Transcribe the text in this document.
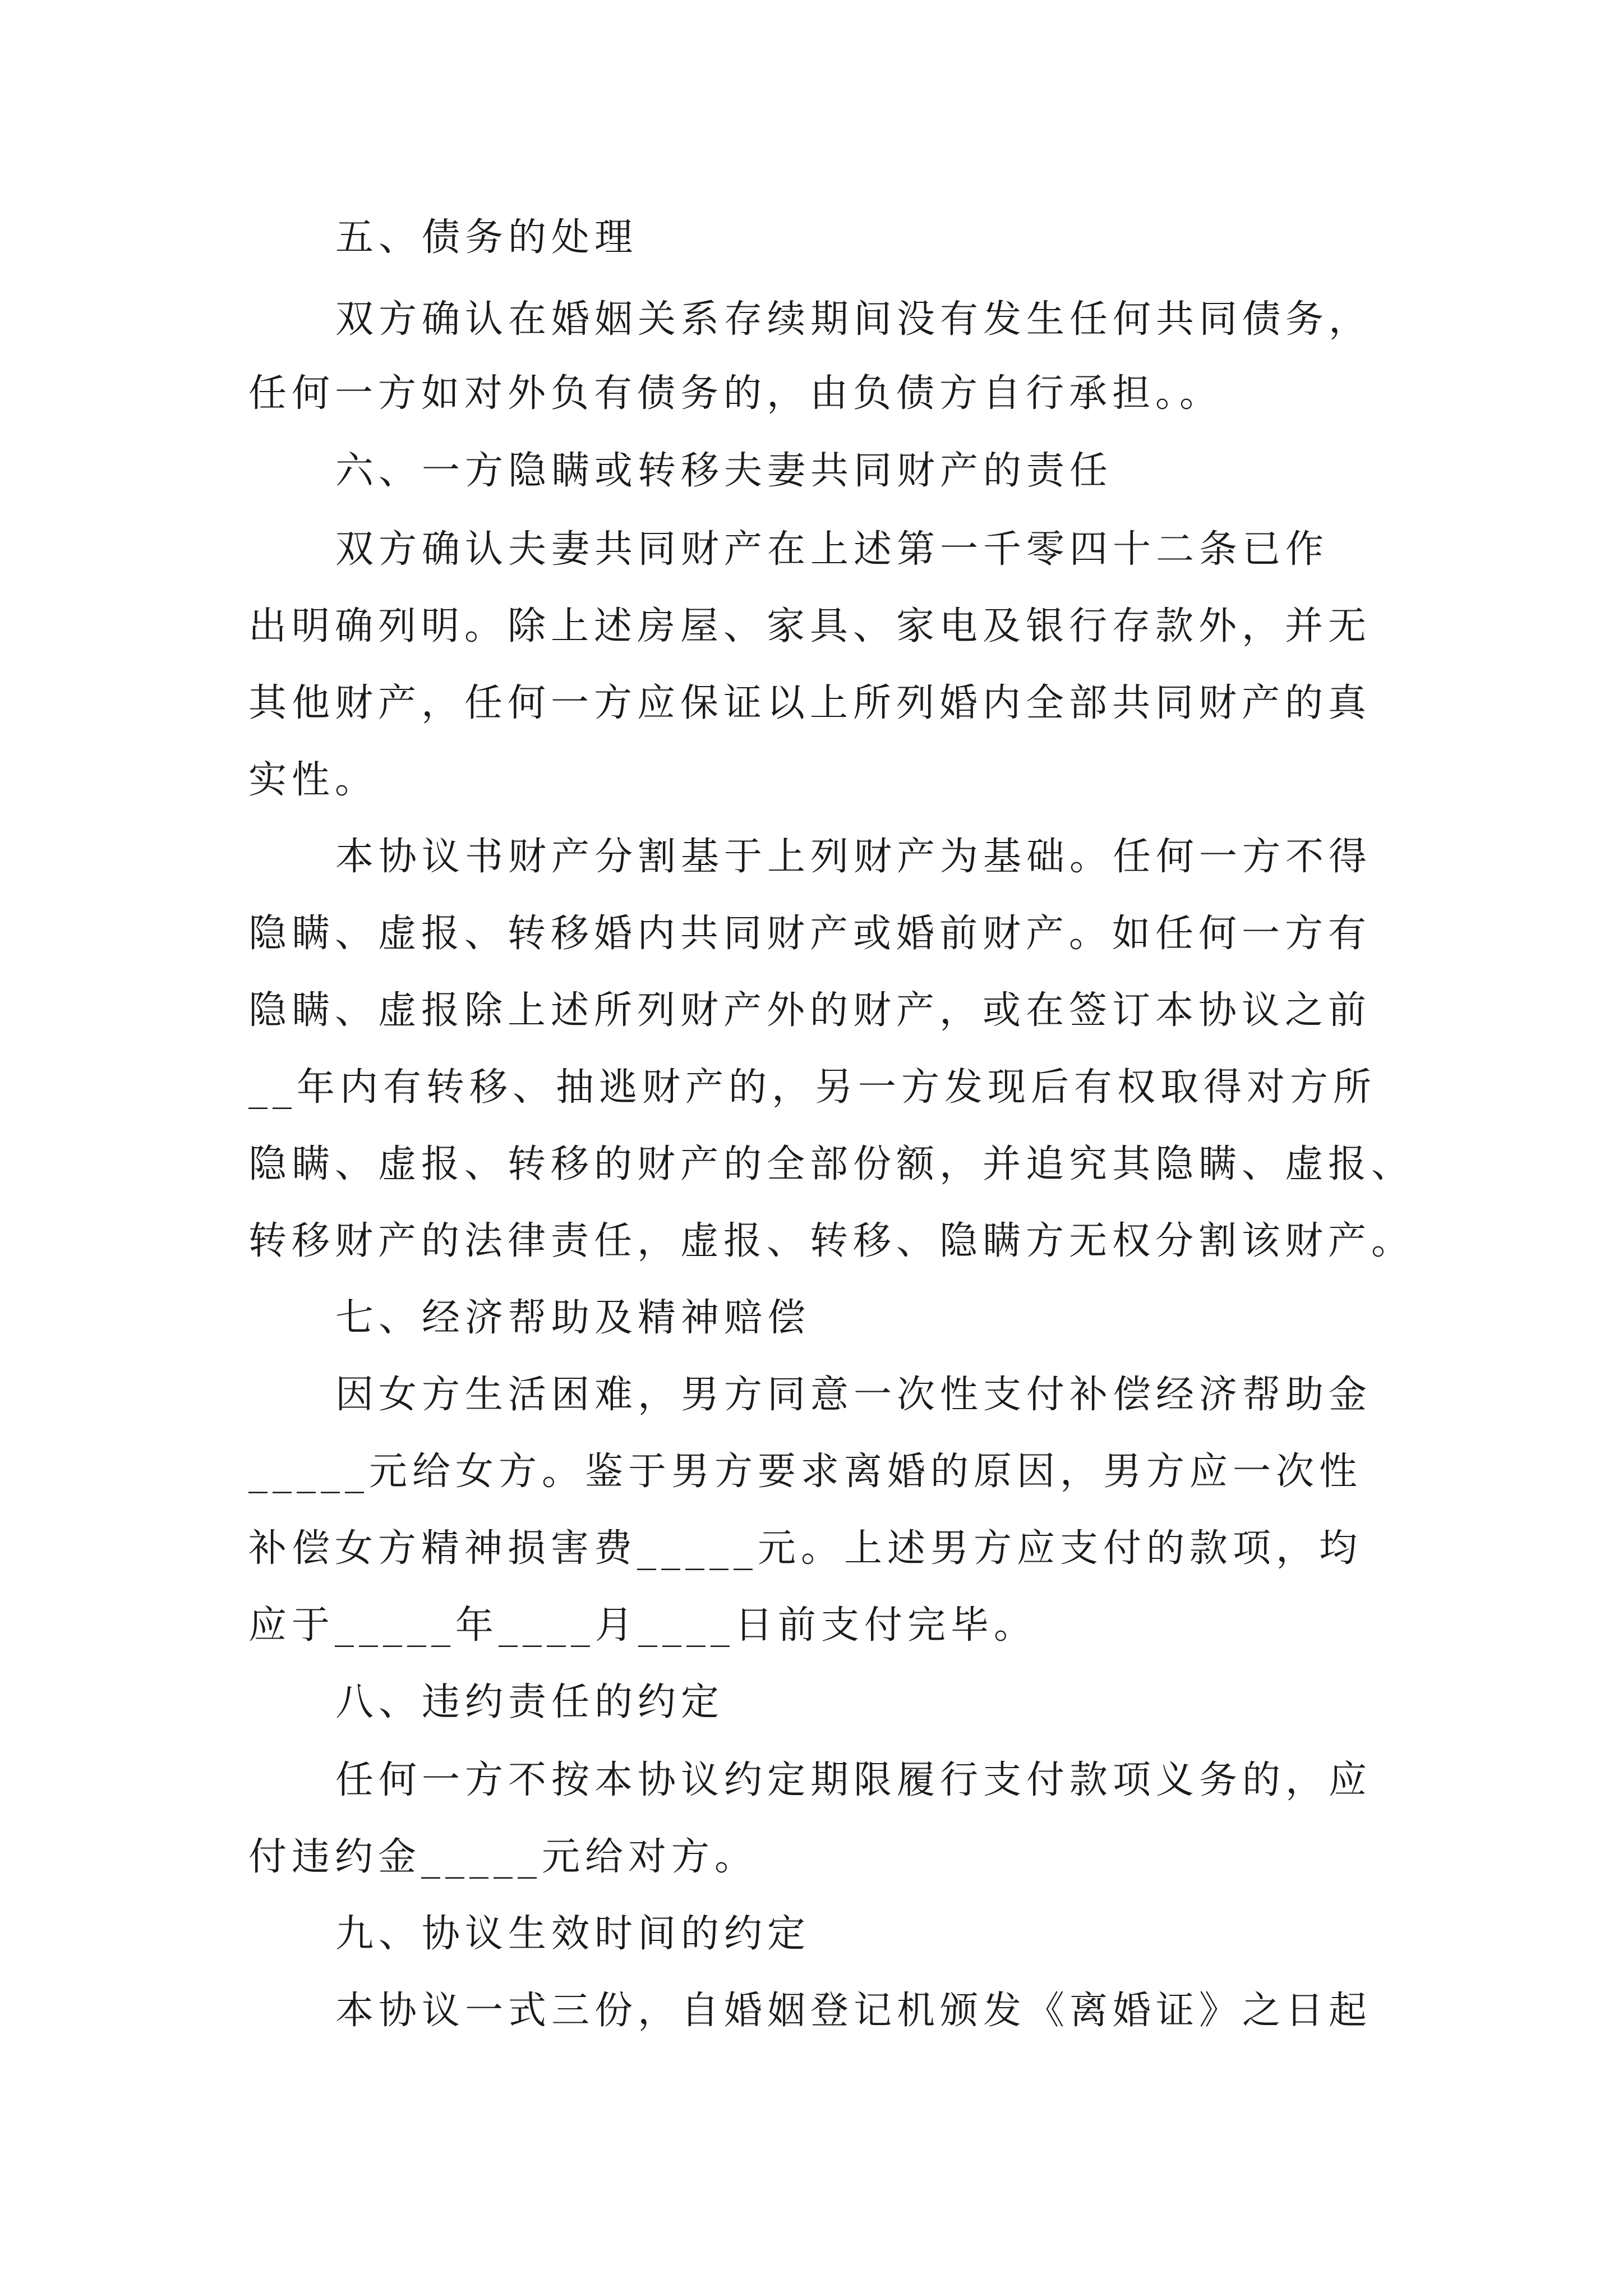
五、债务的处理

双方确认在婚姻关系存续期间没有发生任何共同债务，

任何一方如对外负有债务的，由负债方自行承担。。

六、一方隐瞒或转移夫妻共同财产的责任

双方确认夫妻共同财产在上述第一千零四十二条已作

出明确列明。除上述房屋、家具、家电及银行存款外，并无

其他财产，任何一方应保证以上所列婚内全部共同财产的真

实性。

本协议书财产分割基于上列财产为基础。任何一方不得

隐瞒、虚报、转移婚内共同财产或婚前财产。如任何一方有

隐瞒、虚报除上述所列财产外的财产，或在签订本协议之前

__年内有转移、抽逃财产的，另一方发现后有权取得对方所

隐瞒、虚报、转移的财产的全部份额，并追究其隐瞒、虚报、

转移财产的法律责任，虚报、转移、隐瞒方无权分割该财产。

七、经济帮助及精神赔偿

因女方生活困难，男方同意一次性支付补偿经济帮助金

_____元给女方。鉴于男方要求离婚的原因，男方应一次性

补偿女方精神损害费_____元。上述男方应支付的款项，均

应于_____年____月____日前支付完毕。

八、违约责任的约定

任何一方不按本协议约定期限履行支付款项义务的，应

付违约金_____元给对方。

九、协议生效时间的约定

本协议一式三份，自婚姻登记机颁发《离婚证》之日起
